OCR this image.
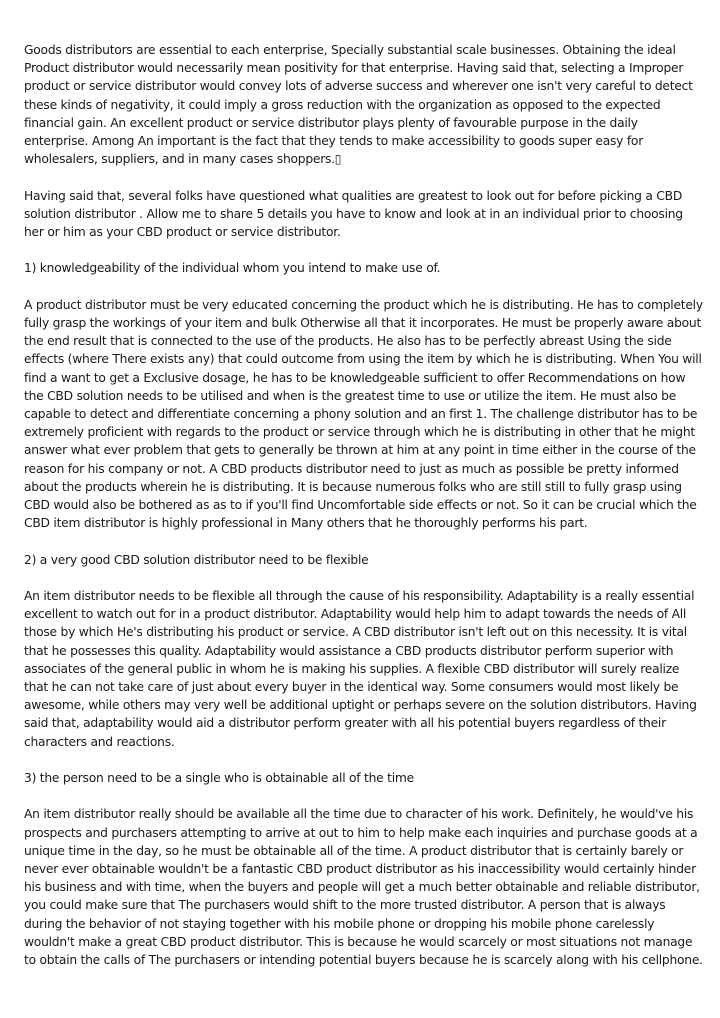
Goods distributors are essential to each enterprise, Specially substantial scale businesses. Obtaining the ideal Product distributor would necessarily mean positivity for that enterprise. Having said that, selecting a Improper product or service distributor would convey lots of adverse success and wherever one isn't very careful to detect these kinds of negativity, it could imply a gross reduction with the organization as opposed to the expected financial gain. An excellent product or service distributor plays plenty of favourable purpose in the daily enterprise. Among An important is the fact that they tends to make accessibility to goods super easy for wholesalers, suppliers, and in many cases shoppers.▯

Having said that, several folks have questioned what qualities are greatest to look out for before picking a CBD solution distributor . Allow me to share 5 details you have to know and look at in an individual prior to choosing her or him as your CBD product or service distributor.

1) knowledgeability of the individual whom you intend to make use of.

A product distributor must be very educated concerning the product which he is distributing. He has to completely fully grasp the workings of your item and bulk Otherwise all that it incorporates. He must be properly aware about the end result that is connected to the use of the products. He also has to be perfectly abreast Using the side effects (where There exists any) that could outcome from using the item by which he is distributing. When You will find a want to get a Exclusive dosage, he has to be knowledgeable sufficient to offer Recommendations on how the CBD solution needs to be utilised and when is the greatest time to use or utilize the item. He must also be capable to detect and differentiate concerning a phony solution and an first 1. The challenge distributor has to be extremely proficient with regards to the product or service through which he is distributing in other that he might answer what ever problem that gets to generally be thrown at him at any point in time either in the course of the reason for his company or not. A CBD products distributor need to just as much as possible be pretty informed about the products wherein he is distributing. It is because numerous folks who are still still to fully grasp using CBD would also be bothered as as to if you'll find Uncomfortable side effects or not. So it can be crucial which the CBD item distributor is highly professional in Many others that he thoroughly performs his part.

2) a very good CBD solution distributor need to be flexible

An item distributor needs to be flexible all through the cause of his responsibility. Adaptability is a really essential excellent to watch out for in a product distributor. Adaptability would help him to adapt towards the needs of All those by which He's distributing his product or service. A CBD distributor isn't left out on this necessity. It is vital that he possesses this quality. Adaptability would assistance a CBD products distributor perform superior with associates of the general public in whom he is making his supplies. A flexible CBD distributor will surely realize that he can not take care of just about every buyer in the identical way. Some consumers would most likely be awesome, while others may very well be additional uptight or perhaps severe on the solution distributors. Having said that, adaptability would aid a distributor perform greater with all his potential buyers regardless of their characters and reactions.

3) the person need to be a single who is obtainable all of the time

An item distributor really should be available all the time due to character of his work. Definitely, he would've his prospects and purchasers attempting to arrive at out to him to help make each inquiries and purchase goods at a unique time in the day, so he must be obtainable all of the time. A product distributor that is certainly barely or never ever obtainable wouldn't be a fantastic CBD product distributor as his inaccessibility would certainly hinder his business and with time, when the buyers and people will get a much better obtainable and reliable distributor, you could make sure that The purchasers would shift to the more trusted distributor. A person that is always during the behavior of not staying together with his mobile phone or dropping his mobile phone carelessly wouldn't make a great CBD product distributor. This is because he would scarcely or most situations not manage to obtain the calls of The purchasers or intending potential buyers because he is scarcely along with his cellphone.
